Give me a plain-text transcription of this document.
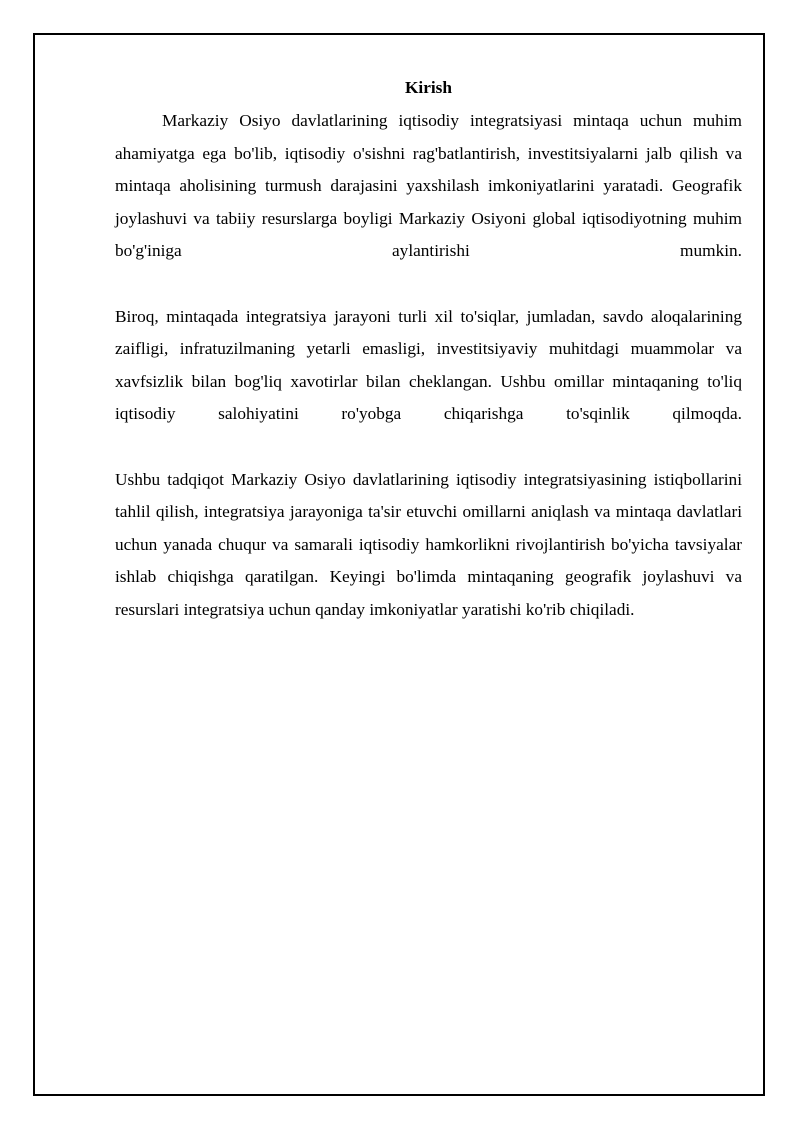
Kirish

Markaziy Osiyo davlatlarining iqtisodiy integratsiyasi mintaqa uchun muhim ahamiyatga ega bo'lib, iqtisodiy o'sishni rag'batlantirish, investitsiyalarni jalb qilish va mintaqa aholisining turmush darajasini yaxshilash imkoniyatlarini yaratadi. Geografik joylashuvi va tabiiy resurslarga boyligi Markaziy Osiyoni global iqtisodiyotning muhim bo'g'iniga aylantirishi mumkin.

Biroq, mintaqada integratsiya jarayoni turli xil to'siqlar, jumladan, savdo aloqalarining zaifligi, infratuzilmaning yetarli emasligi, investitsiyaviy muhitdagi muammolar va xavfsizlik bilan bog'liq xavotirlar bilan cheklangan. Ushbu omillar mintaqaning to'liq iqtisodiy salohiyatini ro'yobga chiqarishga to'sqinlik qilmoqda.

Ushbu tadqiqot Markaziy Osiyo davlatlarining iqtisodiy integratsiyasining istiqbollarini tahlil qilish, integratsiya jarayoniga ta'sir etuvchi omillarni aniqlash va mintaqa davlatlari uchun yanada chuqur va samarali iqtisodiy hamkorlikni rivojlantirish bo'yicha tavsiyalar ishlab chiqishga qaratilgan. Keyingi bo'limda mintaqaning geografik joylashuvi va resurslari integratsiya uchun qanday imkoniyatlar yaratishi ko'rib chiqiladi.
